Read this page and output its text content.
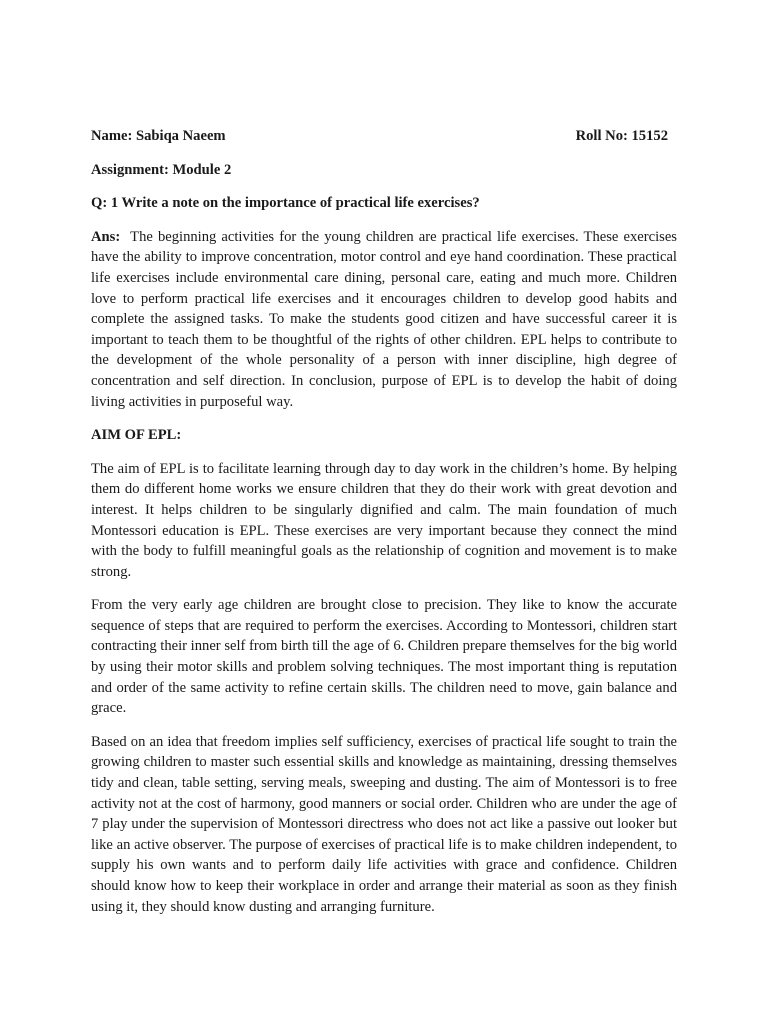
Name: Sabiqa Naeem	Roll No: 15152
Assignment: Module 2
Q: 1 Write a note on the importance of practical life exercises?

Ans: The beginning activities for the young children are practical life exercises. These exercises have the ability to improve concentration, motor control and eye hand coordination. These practical life exercises include environmental care dining, personal care, eating and much more. Children love to perform practical life exercises and it encourages children to develop good habits and complete the assigned tasks. To make the students good citizen and have successful career it is important to teach them to be thoughtful of the rights of other children. EPL helps to contribute to the development of the whole personality of a person with inner discipline, high degree of concentration and self direction. In conclusion, purpose of EPL is to develop the habit of doing living activities in purposeful way.

AIM OF EPL:

The aim of EPL is to facilitate learning through day to day work in the children’s home. By helping them do different home works we ensure children that they do their work with great devotion and interest. It helps children to be singularly dignified and calm. The main foundation of much Montessori education is EPL. These exercises are very important because they connect the mind with the body to fulfill meaningful goals as the relationship of cognition and movement is to make strong.

From the very early age children are brought close to precision. They like to know the accurate sequence of steps that are required to perform the exercises. According to Montessori, children start contracting their inner self from birth till the age of 6. Children prepare themselves for the big world by using their motor skills and problem solving techniques. The most important thing is reputation and order of the same activity to refine certain skills. The children need to move, gain balance and grace.

Based on an idea that freedom implies self sufficiency, exercises of practical life sought to train the growing children to master such essential skills and knowledge as maintaining, dressing themselves tidy and clean, table setting, serving meals, sweeping and dusting. The aim of Montessori is to free activity not at the cost of harmony, good manners or social order. Children who are under the age of 7 play under the supervision of Montessori directress who does not act like a passive out looker but like an active observer. The purpose of exercises of practical life is to make children independent, to supply his own wants and to perform daily life activities with grace and confidence. Children should know how to keep their workplace in order and arrange their material as soon as they finish using it, they should know dusting and arranging furniture.
